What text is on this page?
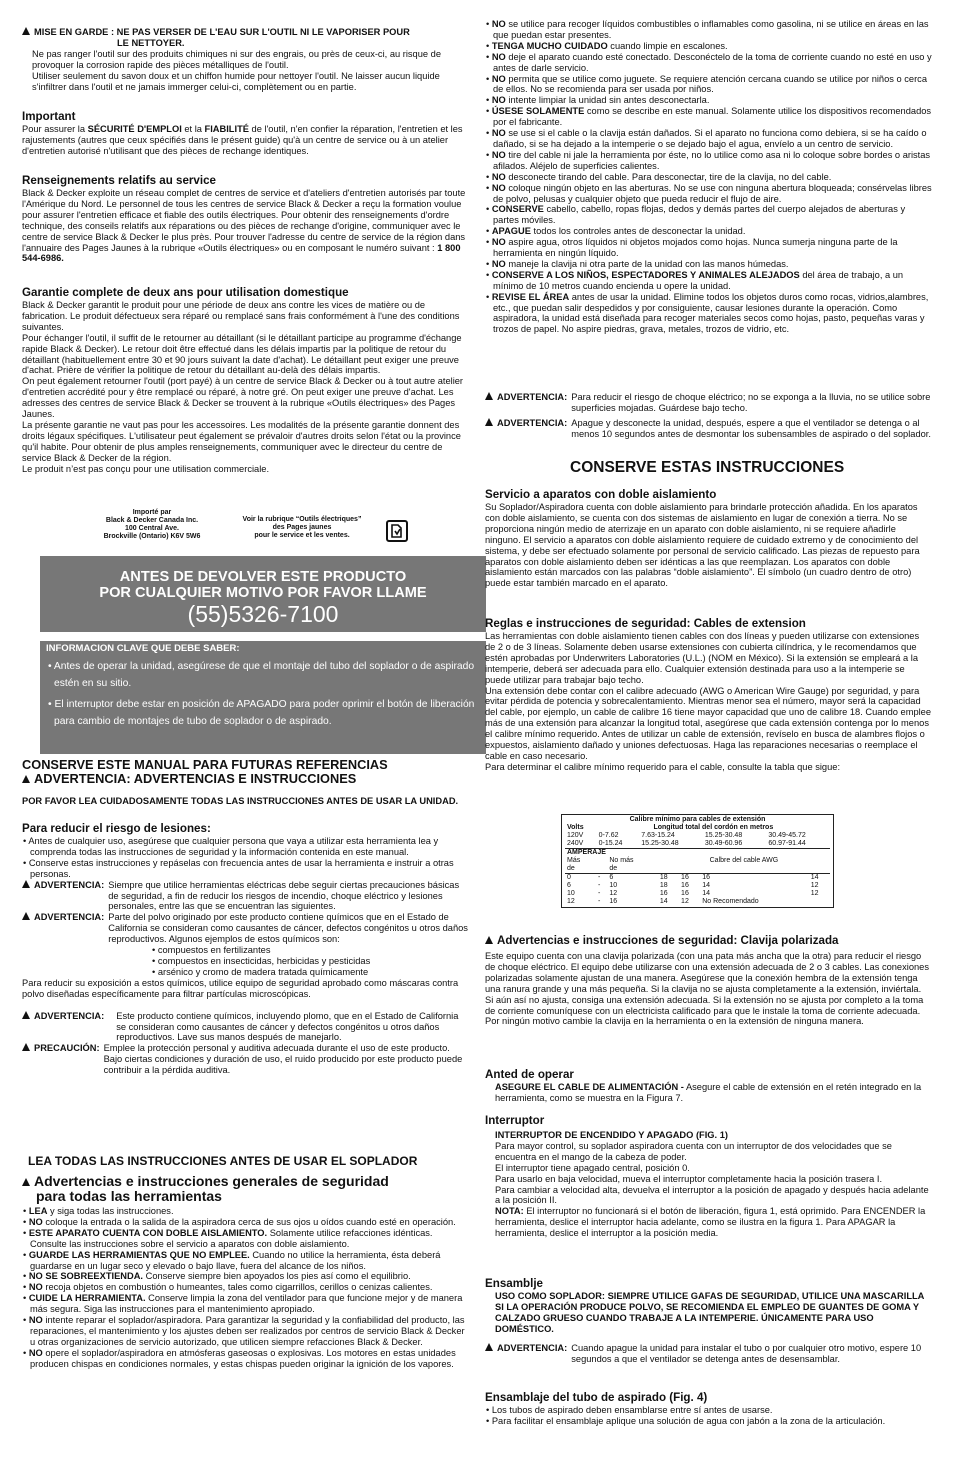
MISE EN GARDE : NE PAS VERSER DE L'EAU SUR L'OUTIL NI LE VAPORISER POUR

LE NETTOYER.

Ne pas ranger l'outil sur des produits chimiques ni sur des engrais, ou près de ceux-ci, au risque de provoquer la corrosion rapide des pièces métalliques de l'outil.

Utiliser seulement du savon doux et un chiffon humide pour nettoyer l'outil. Ne laisser aucun liquide s'infiltrer dans l'outil et ne jamais immerger celui-ci, complètement ou en partie.

Important

Pour assurer la SÉCURITÉ D'EMPLOI et la FIABILITÉ de l'outil, n'en confier la réparation, l'entretien et les rajustements (autres que ceux spécifiés dans le présent guide) qu'à un centre de service ou à un atelier d'entretien autorisé n'utilisant que des pièces de rechange identiques.

Renseignements relatifs au service

Black & Decker exploite un réseau complet de centres de service et d'ateliers d'entretien autorisés par toute l'Amérique du Nord. Le personnel de tous les centres de service Black & Decker a reçu la formation voulue pour assurer l'entretien efficace et fiable des outils électriques. Pour obtenir des renseignements d'ordre technique, des conseils relatifs aux réparations ou des pièces de rechange d'origine, communiquer avec le centre de service Black & Decker le plus près. Pour trouver l'adresse du centre de service de la région dans l'annuaire des Pages Jaunes à la rubrique «Outils électriques» ou en composant le numéro suivant : 1 800 544-6986.

Garantie complete de deux ans pour utilisation domestique

Black & Decker garantit le produit pour une période de deux ans contre les vices de matière ou de fabrication. Le produit défectueux sera réparé ou remplacé sans frais conformément à l'une des conditions suivantes.

Pour échanger l'outil, il suffit de le retourner au détaillant (si le détaillant participe au programme d'échange rapide Black & Decker). Le retour doit être effectué dans les délais impartis par la politique de retour du détaillant (habituellement entre 30 et 90 jours suivant la date d'achat). Le détaillant peut exiger une preuve d'achat. Prière de vérifier la politique de retour du détaillant au-delà des délais impartis.

On peut également retourner l'outil (port payé) à un centre de service Black & Decker ou à tout autre atelier d'entretien accrédité pour y être remplacé ou réparé, à notre gré. On peut exiger une preuve d'achat. Les adresses des centres de service Black & Decker se trouvent à la rubrique «Outils électriques» des Pages Jaunes.

La présente garantie ne vaut pas pour les accessoires. Les modalités de la présente garantie donnent des droits légaux spécifiques. L'utilisateur peut également se prévaloir d'autres droits selon l'état ou la province qu'il habite. Pour obtenir de plus amples renseignements, communiquer avec le directeur du centre de service Black & Decker de la région.

Le produit n’est pas conçu pour une utilisation commerciale.

Importé par

Black & Decker Canada Inc.

100 Central Ave.

Brockville (Ontario) K6V 5W6

Voir la rubrique “Outils électriques”

des Pages jaunes

pour le service et les ventes.

ANTES DE DEVOLVER ESTE PRODUCTO

POR CUALQUIER MOTIVO POR FAVOR LLAME

(55)5326-7100

INFORMACION CLAVE QUE DEBE SABER:

• Antes de operar la unidad, asegúrese de que el montaje del tubo del soplador o de aspirado estén en su sitio.

• El interruptor debe estar en posición de APAGADO para poder oprimir el botón de liberación para cambio de montajes de tubo de soplador o de aspirado.

CONSERVE ESTE MANUAL PARA FUTURAS REFERENCIAS

ADVERTENCIA: ADVERTENCIAS E INSTRUCCIONES

POR FAVOR LEA CUIDADOSAMENTE TODAS LAS INSTRUCCIONES ANTES DE USAR LA UNIDAD.

Para reducir el riesgo de lesiones:

• Antes de cualquier uso, asegúrese que cualquier persona que vaya a utilizar esta herramienta lea y comprenda todas las instrucciones de seguridad y la información contenida en este manual.

• Conserve estas instrucciones y repáselas con frecuencia antes de usar la herramienta e instruir a otras personas.

ADVERTENCIA: Siempre que utilice herramientas eléctricas debe seguir ciertas precauciones básicas de seguridad, a fin de reducir los riesgos de incendio, choque eléctrico y lesiones personales, entre las que se encuentran las siguientes.
ADVERTENCIA: Parte del polvo originado por este producto contiene químicos que en el Estado de California se consideran como causantes de cáncer, defectos congénitos u otros daños reproductivos. Algunos ejemplos de estos químicos son:

• compuestos en fertilizantes

• compuestos en insecticidas, herbicidas y pesticidas

• arsénico y cromo de madera tratada químicamente

Para reducir su exposición a estos químicos, utilice equipo de seguridad aprobado como máscaras contra polvo diseñadas específicamente para filtrar partículas microscópicas.

ADVERTENCIA:	Este producto contiene químicos, incluyendo plomo, que en el Estado de California se consideran como causantes de cáncer y defectos congénitos u otros daños reproductivos. Lave sus manos después de manejarlo.
PRECAUCIÓN: Emplee la protección personal y auditiva adecuada durante el uso de este producto. Bajo ciertas condiciones y duración de uso, el ruido producido por este producto puede contribuir a la pérdida auditiva.

LEA TODAS LAS INSTRUCCIONES ANTES DE USAR EL SOPLADOR

Advertencias e instrucciones generales de seguridad

para todas las herramientas

• LEA y siga todas las instrucciones.

• NO coloque la entrada o la salida de la aspiradora cerca de sus ojos u oídos cuando esté en operación.

• ESTE APARATO CUENTA CON DOBLE AISLAMIENTO. Solamente utilice refacciones idénticas. Consulte las instrucciones sobre el servicio a aparatos con doble aislamiento.

• GUARDE LAS HERRAMIENTAS QUE NO EMPLEE. Cuando no utilice la herramienta, ésta deberá guardarse en un lugar seco y elevado o bajo llave, fuera del alcance de los niños.

• NO SE SOBREEXTIENDA. Conserve siempre bien apoyados los pies así como el equilibrio.

• NO recoja objetos en combustión o humeantes, tales como cigarrillos, cerillos o cenizas calientes.

• CUIDE LA HERRAMIENTA. Conserve limpia la zona del ventilador para que funcione mejor y de manera más segura. Siga las instrucciones para el mantenimiento apropiado.

• NO intente reparar el soplador/aspiradora. Para garantizar la seguridad y la confiabilidad del producto, las reparaciones, el mantenimiento y los ajustes deben ser realizados por centros de servicio Black & Decker u otras organizaciones de servicio autorizado, que utilicen siempre refacciones Black & Decker.

• NO opere el soplador/aspiradora en atmósferas gaseosas o explosivas. Los motores en estas unidades producen chispas en condiciones normales, y estas chispas pueden originar la ignición de los vapores.

• NO se utilice para recoger líquidos combustibles o inflamables como gasolina, ni se utilice en áreas en las que puedan estar presentes.

• TENGA MUCHO CUIDADO cuando limpie en escalones.

• NO deje el aparato cuando esté conectado. Desconéctelo de la toma de corriente cuando no esté en uso y antes de darle servicio.

• NO permita que se utilice como juguete. Se requiere atención cercana cuando se utilice por niños o cerca de ellos. No se recomienda para ser usada por niños.

• NO intente limpiar la unidad sin antes desconectarla.

• ÚSESE SOLAMENTE como se describe en este manual. Solamente utilice los dispositivos recomendados por el fabricante.

• NO se use si el cable o la clavija están dañados. Si el aparato no funciona como debiera, si se ha caído o dañado, si se ha dejado a la intemperie o se dejado bajo el agua, envíelo a un centro de servicio.

• NO tire del cable ni jale la herramienta por éste, no lo utilice como asa ni lo coloque sobre bordes o aristas afilados. Aléjelo de superficies calientes.

• NO desconecte tirando del cable. Para desconectar, tire de la clavija, no del cable.

• NO coloque ningún objeto en las aberturas. No se use con ninguna abertura bloqueada; consérvelas libres de polvo, pelusas y cualquier objeto que pueda reducir el flujo de aire.

• CONSERVE cabello, cabello, ropas flojas, dedos y demás partes del cuerpo alejados de aberturas y partes móviles.

• APAGUE todos los controles antes de desconectar la unidad.

• NO aspire agua, otros líquidos ni objetos mojados como hojas. Nunca sumerja ninguna parte de la herramienta en ningún líquido.

• NO maneje la clavija ni otra parte de la unidad con las manos húmedas.

• CONSERVE A LOS NIÑOS, ESPECTADORES Y ANIMALES ALEJADOS del área de trabajo, a un mínimo de 10 metros cuando encienda u opere la unidad.

• REVISE EL ÁREA antes de usar la unidad. Elimine todos los objetos duros como rocas, vidrios,alambres, etc., que puedan salir despedidos y por consiguiente, causar lesiones durante la operación. Como aspiradora, la unidad está diseñada para recoger materiales secos como hojas, pasto, pequeñas varas y trozos de papel. No aspire piedras, grava, metales, trozos de vidrio, etc.

ADVERTENCIA: Para reducir el riesgo de choque eléctrico; no se exponga a la lluvia, no se utilice sobre superficies mojadas. Guárdese bajo techo.
ADVERTENCIA: Apague y desconecte la unidad, después, espere a que el ventilador se detenga o al menos 10 segundos antes de desmontar los subensambles de aspirado o del soplador.

CONSERVE ESTAS INSTRUCCIONES

Servicio a aparatos con doble aislamiento

Su Soplador/Aspiradora cuenta con doble aislamiento para brindarle protección añadida. En los aparatos con doble aislamiento, se cuenta con dos sistemas de aislamiento en lugar de conexión a tierra. No se proporciona ningún medio de aterrizaje en un aparato con doble aislamiento, ni se requiere añadirle ninguno. El servicio a aparatos con doble aislamiento requiere de cuidado extremo y de conocimiento del sistema, y debe ser efectuado solamente por personal de servicio calificado. Las piezas de repuesto para aparatos con doble aislamiento deben ser idénticas a las que reemplazan. Los aparatos con doble aislamiento están marcados con las palabras “doble aislamiento”. El símbolo (un cuadro dentro de otro) puede estar también marcado en el aparato.

Reglas e instrucciones de seguridad: Cables de extension

Las herramientas con doble aislamiento tienen cables con dos líneas y pueden utilizarse con extensiones de 2 o de 3 líneas. Solamente deben usarse extensiones con cubierta cilíndrica, y le recomendamos que estén aprobadas por Underwriters Laboratories (U.L.) (NOM en México). Si la extensión se empleará a la intemperie, deberá ser adecuada para ello. Cualquier extensión destinada para uso a la intemperie se puede utilizar para trabajar bajo techo.

Una extensión debe contar con el calibre adecuado (AWG o American Wire Gauge) por seguridad, y para evitar pérdida de potencia y sobrecalentamiento. Mientras menor sea el número, mayor será la capacidad del cable, por ejemplo, un cable de calibre 16 tiene mayor capacidad que uno de calibre 18. Cuando emplee más de una extensión para alcanzar la longitud total, asegúrese que cada extensión contenga por lo menos el calibre mínimo requerido. Antes de utilizar un cable de extensión, revíselo en busca de alambres flojos o expuestos, aislamiento dañado y uniones defectuosas. Haga las reparaciones necesarias o reemplace el cable en caso necesario.

Para determinar el calibre mínimo requerido para el cable, consulte la tabla que sigue:

Calibre mínimo para cables de extensión

Volts	Longitud total del cordón en metros			
120V	0-7.62	7.63-15.24	15.25-30.48	30.49-45.72
240V	0-15.24	15.25-30.48	30.49-60.96	60.97-91.44
AMPERAJE						
Más		No más	Calbre del cable AWG			
de		de				
0	-	6	18	16	16	14
6	-	10	18	16	14	12
10	-	12	16	16	14	12
12	-	16	14	12	No Recomendado	

Advertencias e instrucciones de seguridad: Clavija polarizada

Este equipo cuenta con una clavija polarizada (con una pata más ancha que la otra) para reducir el riesgo de choque eléctrico. El equipo debe utilizarse con una extensión adecuada de 2 o 3 cables. Las conexiones polarizadas solamente ajustan de una manera. Asegúrese que la conexión hembra de la extensión tenga una ranura grande y una más pequeña. Si la clavija no se ajusta completamente a la extensión, inviértala. Si aún así no ajusta, consiga una extensión adecuada. Si la extensión no se ajusta por completo a la toma de corriente comuníquese con un electricista calificado para que le instale la toma de corriente adecuada. Por ningún motivo cambie la clavija en la herramienta o en la extensión de ninguna manera.

Anted de operar

ASEGURE EL CABLE DE ALIMENTACIÓN - Asegure el cable de extensión en el retén integrado en la herramienta, como se muestra en la Figura 7.

Interruptor

INTERRUPTOR DE ENCENDIDO Y APAGADO (FIG. 1)

Para mayor control, su soplador aspiradora cuenta con un interruptor de dos velocidades que se encuentra en el mango de la cabeza de poder.

El interruptor tiene apagado central, posición 0.

Para usarlo en baja velocidad, mueva el interruptor completamente hacia la posición trasera I.

Para cambiar a velocidad alta, devuelva el interruptor a la posición de apagado y después hacia adelante a la posición II.

NOTA: El interruptor no funcionará si el botón de liberación, figura 1, está oprimido. Para ENCENDER la herramienta, deslice el interruptor hacia adelante, como se ilustra en la figura 1. Para APAGAR la herramienta, deslice el interruptor a la posición media.

Ensamblje

USO COMO SOPLADOR: SIEMPRE UTILICE GAFAS DE SEGURIDAD, UTILICE UNA MASCARILLA SI LA OPERACIÓN PRODUCE POLVO, SE RECOMIENDA EL EMPLEO DE GUANTES DE GOMA Y CALZADO GRUESO CUANDO TRABAJE A LA INTEMPERIE. ÚNICAMENTE PARA USO DOMÉSTICO.

ADVERTENCIA: Cuando apague la unidad para instalar el tubo o por cualquier otro motivo, espere 10 segundos a que el ventilador se detenga antes de desensamblar.

Ensamblaje del tubo de aspirado (Fig. 4)

• Los tubos de aspirado deben ensamblarse entre sí antes de usarse.

• Para facilitar el ensamblaje aplique una solución de agua con jabón a la zona de la articulación.
